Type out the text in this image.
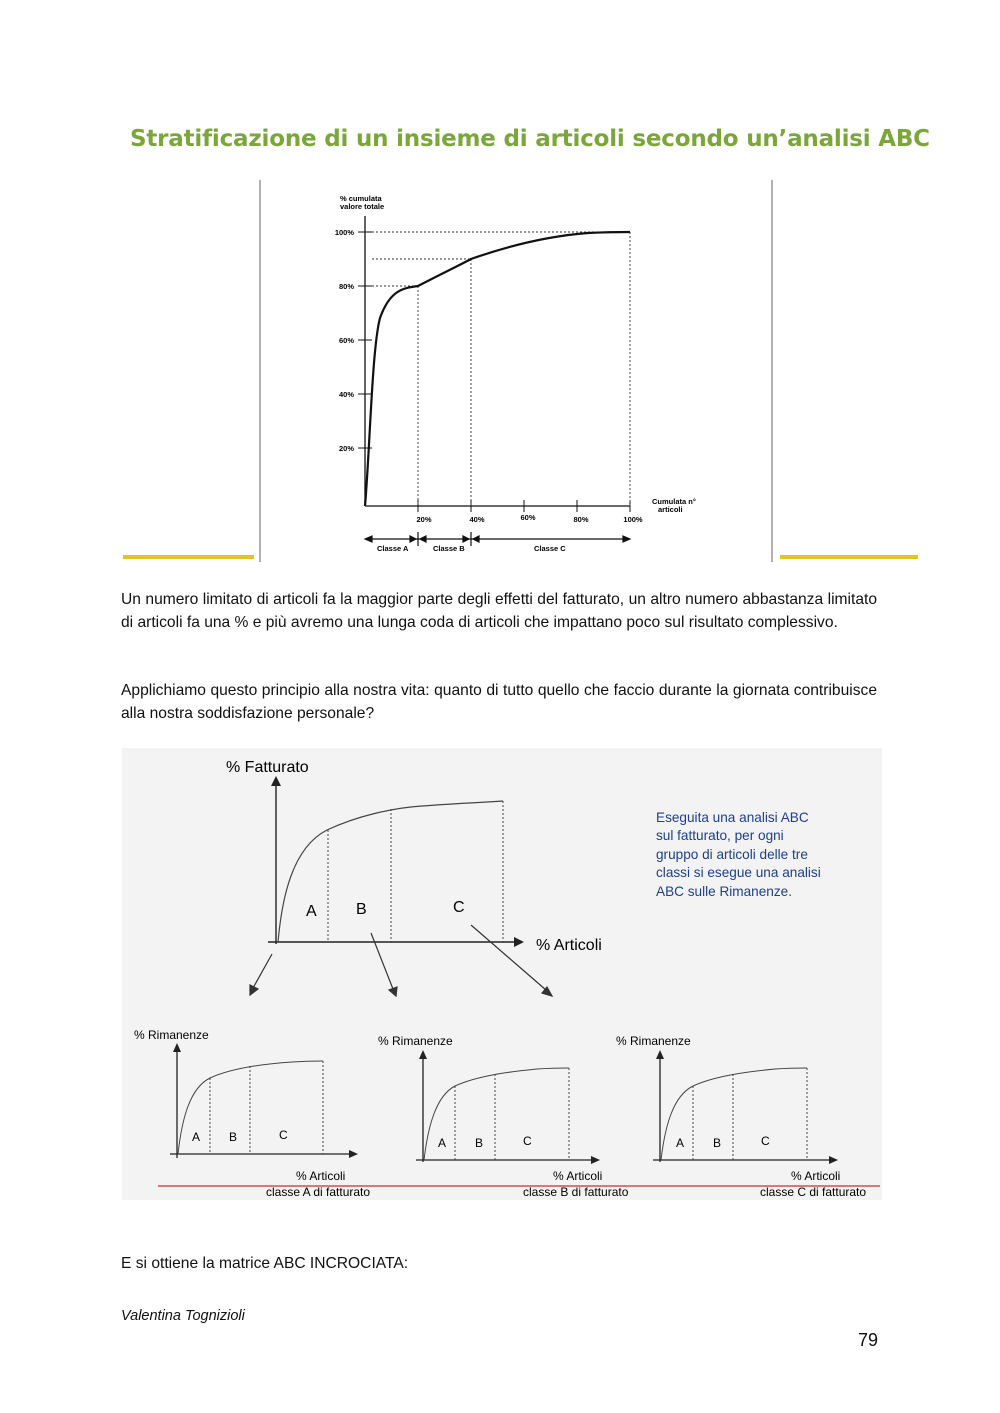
Stratificazione di un insieme di articoli secondo un’analisi ABC
% cumulata
valore totale
100%
80%
60%
40%
20%
20%	40%	60%	80%	100%
Cumulata n°
articoli
Classe A	Classe B	Classe C

Un numero limitato di articoli fa la maggior parte degli effetti del fatturato, un altro numero abbastanza limitato di articoli fa una % e più avremo una lunga coda di articoli che impattano poco sul risultato complessivo.

Applichiamo questo principio alla nostra vita: quanto di tutto quello che faccio durante la giornata contribuisce alla nostra soddisfazione personale?

% Fatturato
% Articoli
A B	C
Eseguita una analisi ABC
sul fatturato, per ogni
gruppo di articoli delle tre
classi si esegue una analisi
ABC sulle Rimanenze.
% Rimanenze
A B	C
% Articoli
classe A di fatturato
% Rimanenze
A B	C
% Articoli
classe B di fatturato
% Rimanenze
A B	C
% Articoli
classe C di fatturato

E si ottiene la matrice ABC INCROCIATA:

Valentina Tognizioli
79
